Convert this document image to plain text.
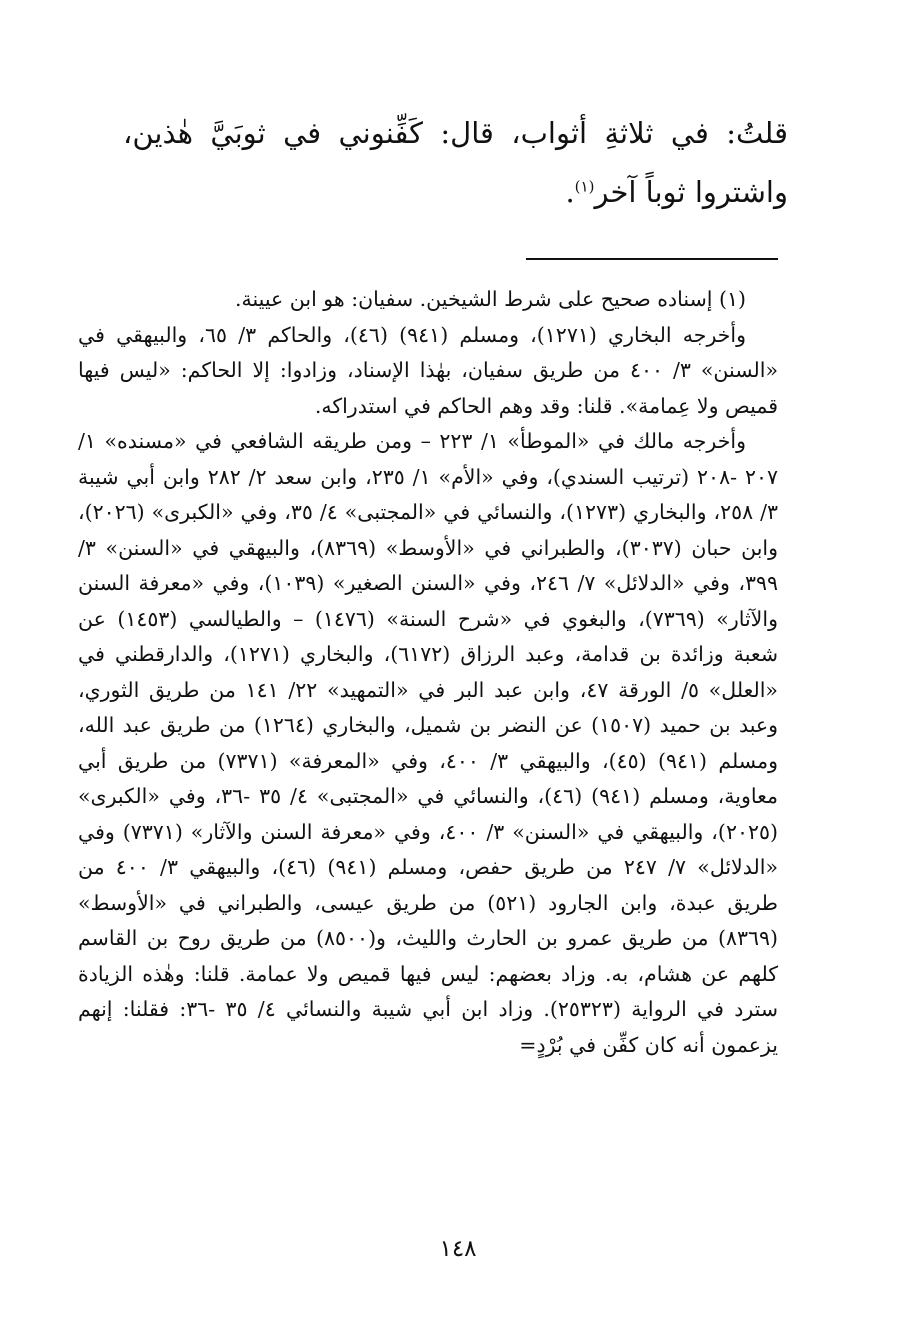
قلتُ: في ثلاثةِ أثواب، قال: كَفِّنوني في ثوبَيَّ هٰذين، واشتروا ثوباً آخر$^{(١)}$.

(١) إسناده صحيح على شرط الشيخين. سفيان: هو ابن عيينة.

وأخرجه البخاري (١٢٧١)، ومسلم (٩٤١) (٤٦)، والحاكم ٣/ ٦٥، والبيهقي في «السنن» ٣/ ٤٠٠ من طريق سفيان، بهٰذا الإسناد، وزادوا: إلا الحاكم: «ليس فيها قميص ولا عِمامة». قلنا: وقد وهم الحاكم في استدراكه.

وأخرجه مالك في «الموطأ» ١/ ٢٢٣ – ومن طريقه الشافعي في «مسنده» ١/ ٢٠٧ -٢٠٨ (ترتيب السندي)، وفي «الأم» ١/ ٢٣٥، وابن سعد ٢/ ٢٨٢ وابن أبي شيبة ٣/ ٢٥٨، والبخاري (١٢٧٣)، والنسائي في «المجتبى» ٤/ ٣٥، وفي «الكبرى» (٢٠٢٦)، وابن حبان (٣٠٣٧)، والطبراني في «الأوسط» (٨٣٦٩)، والبيهقي في «السنن» ٣/ ٣٩٩، وفي «الدلائل» ٧/ ٢٤٦، وفي «السنن الصغير» (١٠٣٩)، وفي «معرفة السنن والآثار» (٧٣٦٩)، والبغوي في «شرح السنة» (١٤٧٦) – والطيالسي (١٤٥٣) عن شعبة وزائدة بن قدامة، وعبد الرزاق (٦١٧٢)، والبخاري (١٢٧١)، والدارقطني في «العلل» ٥/ الورقة ٤٧، وابن عبد البر في «التمهيد» ٢٢/ ١٤١ من طريق الثوري، وعبد بن حميد (١٥٠٧) عن النضر بن شميل، والبخاري (١٢٦٤) من طريق عبد الله، ومسلم (٩٤١) (٤٥)، والبيهقي ٣/ ٤٠٠، وفي «المعرفة» (٧٣٧١) من طريق أبي معاوية، ومسلم (٩٤١) (٤٦)، والنسائي في «المجتبى» ٤/ ٣٥ -٣٦، وفي «الكبرى» (٢٠٢٥)، والبيهقي في «السنن» ٣/ ٤٠٠، وفي «معرفة السنن والآثار» (٧٣٧١) وفي «الدلائل» ٧/ ٢٤٧ من طريق حفص، ومسلم (٩٤١) (٤٦)، والبيهقي ٣/ ٤٠٠ من طريق عبدة، وابن الجارود (٥٢١) من طريق عيسى، والطبراني في «الأوسط» (٨٣٦٩) من طريق عمرو بن الحارث والليث، و(٨٥٠٠) من طريق روح بن القاسم كلهم عن هشام، به. وزاد بعضهم: ليس فيها قميص ولا عمامة. قلنا: وهٰذه الزيادة سترد في الرواية (٢٥٣٢٣). وزاد ابن أبي شيبة والنسائي ٤/ ٣٥ -٣٦: فقلنا: إنهم يزعمون أنه كان كفِّن في بُرْدٍ=

١٤٨
